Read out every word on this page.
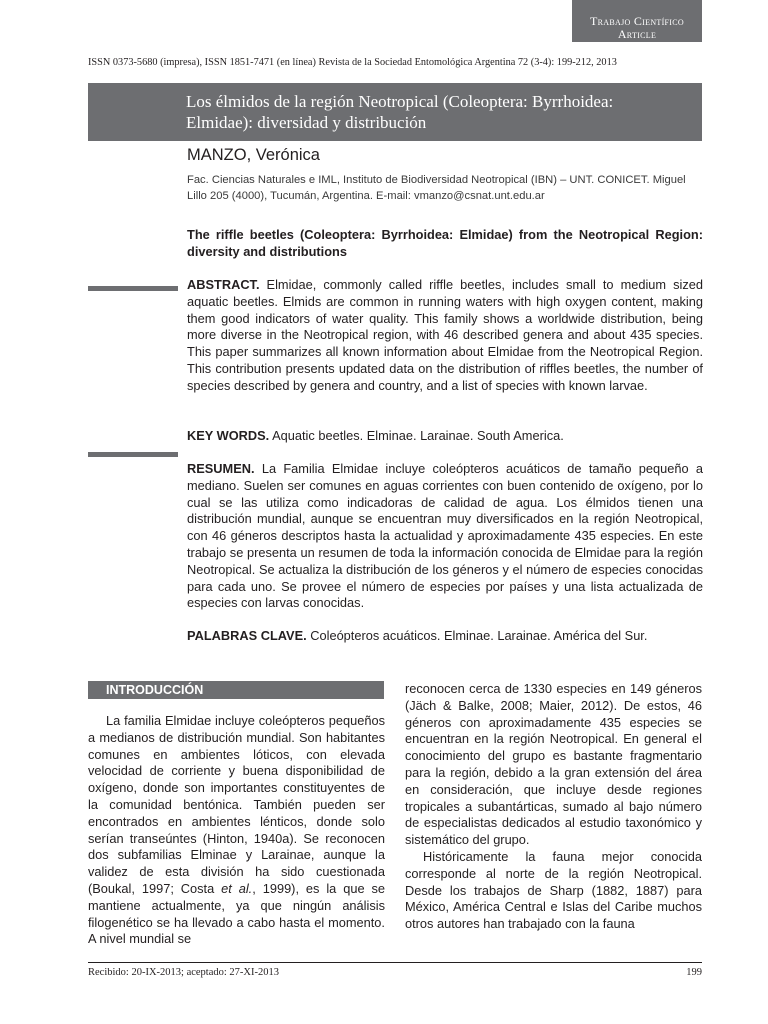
Trabajo Científico
Article
ISSN 0373-5680 (impresa), ISSN 1851-7471 (en línea) Revista de la Sociedad Entomológica Argentina 72 (3-4): 199-212, 2013
Los élmidos de la región Neotropical (Coleoptera: Byrrhoidea:
Elmidae): diversidad y distribución
MANZO, Verónica
Fac. Ciencias Naturales e IML, Instituto de Biodiversidad Neotropical (IBN) – UNT. CONICET. Miguel Lillo 205 (4000), Tucumán, Argentina. E-mail: vmanzo@csnat.unt.edu.ar
The riffle beetles (Coleoptera: Byrrhoidea: Elmidae) from the Neotropical Region: diversity and distributions
ABSTRACT. Elmidae, commonly called riffle beetles, includes small to medium sized aquatic beetles. Elmids are common in running waters with high oxygen content, making them good indicators of water quality. This family shows a worldwide distribution, being more diverse in the Neotropical region, with 46 described genera and about 435 species. This paper summarizes all known information about Elmidae from the Neotropical Region. This contribution presents updated data on the distribution of riffles beetles, the number of species described by genera and country, and a list of species with known larvae.
KEY WORDS. Aquatic beetles. Elminae. Larainae. South America.
RESUMEN. La Familia Elmidae incluye coleópteros acuáticos de tamaño pequeño a mediano. Suelen ser comunes en aguas corrientes con buen contenido de oxígeno, por lo cual se las utiliza como indicadoras de calidad de agua. Los élmidos tienen una distribución mundial, aunque se encuentran muy diversificados en la región Neotropical, con 46 géneros descriptos hasta la actualidad y aproximadamente 435 especies. En este trabajo se presenta un resumen de toda la información conocida de Elmidae para la región Neotropical. Se actualiza la distribución de los géneros y el número de especies conocidas para cada uno. Se provee el número de especies por países y una lista actualizada de especies con larvas conocidas.
PALABRAS CLAVE. Coleópteros acuáticos. Elminae. Larainae. América del Sur.
INTRODUCCIÓN

La familia Elmidae incluye coleópteros pequeños a medianos de distribución mundial. Son habitantes comunes en ambientes lóticos, con elevada velocidad de corriente y buena disponibilidad de oxígeno, donde son importantes constituyentes de la comunidad bentónica. También pueden ser encontrados en ambientes lénticos, donde solo serían transeúntes (Hinton, 1940a). Se reconocen dos subfamilias Elminae y Larainae, aunque la validez de esta división ha sido cuestionada (Boukal, 1997; Costa et al., 1999), es la que se mantiene actualmente, ya que ningún análisis filogenético se ha llevado a cabo hasta el momento. A nivel mundial se

reconocen cerca de 1330 especies en 149 géneros (Jäch & Balke, 2008; Maier, 2012). De estos, 46 géneros con aproximadamente 435 especies se encuentran en la región Neotropical. En general el conocimiento del grupo es bastante fragmentario para la región, debido a la gran extensión del área en consideración, que incluye desde regiones tropicales a subantárticas, sumado al bajo número de especialistas dedicados al estudio taxonómico y sistemático del grupo.

Históricamente la fauna mejor conocida corresponde al norte de la región Neotropical. Desde los trabajos de Sharp (1882, 1887) para México, América Central e Islas del Caribe muchos otros autores han trabajado con la fauna

Recibido: 20-IX-2013; aceptado: 27-XI-2013	199
